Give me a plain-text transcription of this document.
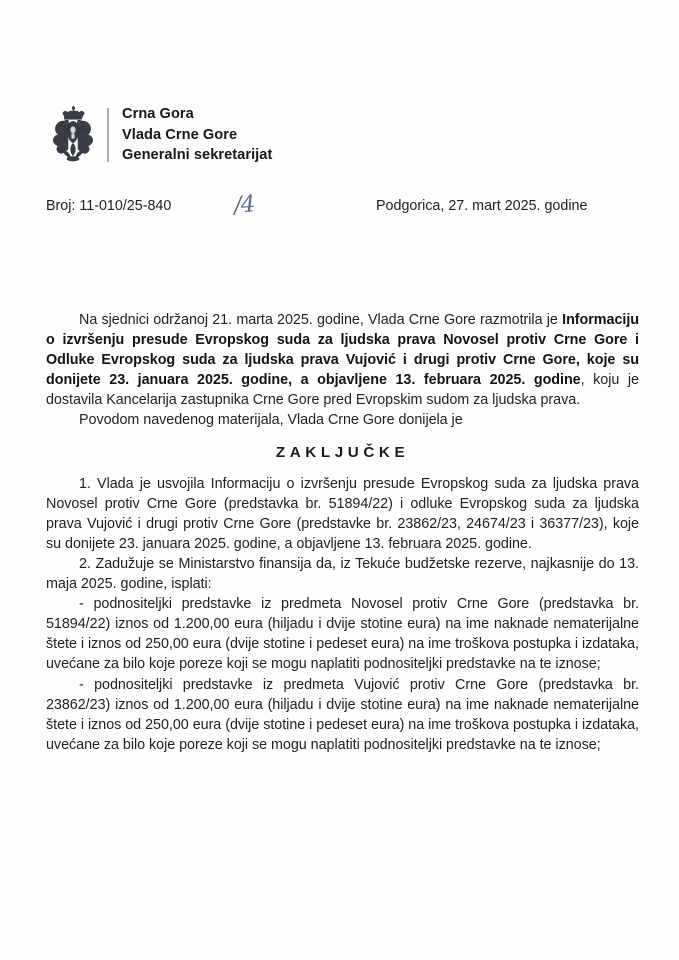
Crna Gora
Vlada Crne Gore
Generalni sekretarijat
Broj: 11-010/25-840	/4	Podgorica, 27. mart 2025. godine

Na sjednici održanoj 21. marta 2025. godine, Vlada Crne Gore razmotrila je Informaciju o izvršenju presude Evropskog suda za ljudska prava Novosel protiv Crne Gore i Odluke Evropskog suda za ljudska prava Vujović i drugi protiv Crne Gore, koje su donijete 23. januara 2025. godine, a objavljene 13. februara 2025. godine, koju je dostavila Kancelarija zastupnika Crne Gore pred Evropskim sudom za ljudska prava.

Povodom navedenog materijala, Vlada Crne Gore donijela je

ZAKLJUČKE

1. Vlada je usvojila Informaciju o izvršenju presude Evropskog suda za ljudska prava Novosel protiv Crne Gore (predstavka br. 51894/22) i odluke Evropskog suda za ljudska prava Vujović i drugi protiv Crne Gore (predstavke br. 23862/23, 24674/23 i 36377/23), koje su donijete 23. januara 2025. godine, a objavljene 13. februara 2025. godine.

2. Zadužuje se Ministarstvo finansija da, iz Tekuće budžetske rezerve, najkasnije do 13. maja 2025. godine, isplati:

- podnositeljki predstavke iz predmeta Novosel protiv Crne Gore (predstavka br. 51894/22) iznos od 1.200,00 eura (hiljadu i dvije stotine eura) na ime naknade nematerijalne štete i iznos od 250,00 eura (dvije stotine i pedeset eura) na ime troškova postupka i izdataka, uvećane za bilo koje poreze koji se mogu naplatiti podnositeljki predstavke na te iznose;

- podnositeljki predstavke iz predmeta Vujović protiv Crne Gore (predstavka br. 23862/23) iznos od 1.200,00 eura (hiljadu i dvije stotine eura) na ime naknade nematerijalne štete i iznos od 250,00 eura (dvije stotine i pedeset eura) na ime troškova postupka i izdataka, uvećane za bilo koje poreze koji se mogu naplatiti podnositeljki predstavke na te iznose;
